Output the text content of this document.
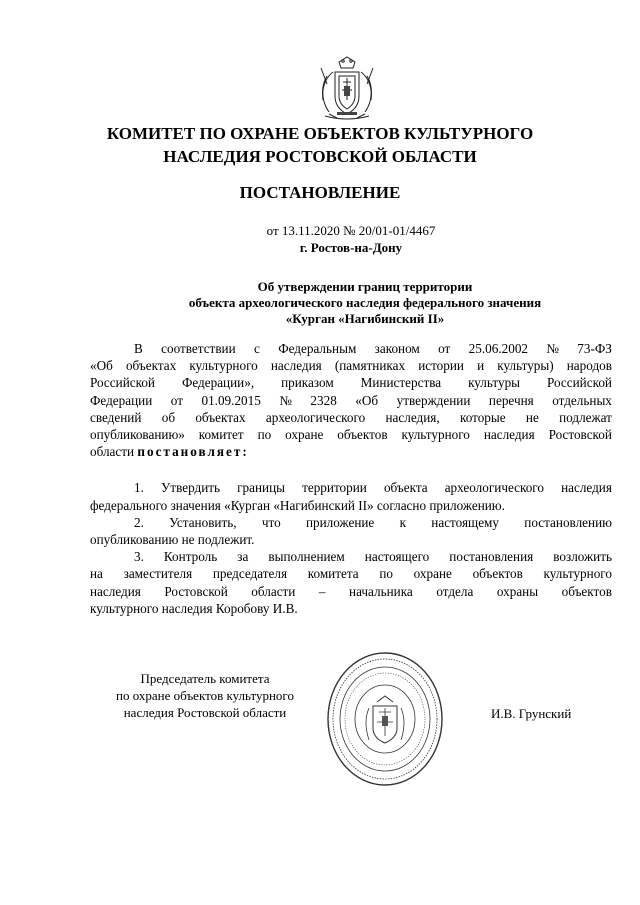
КОМИТЕТ ПО ОХРАНЕ ОБЪЕКТОВ КУЛЬТУРНОГО
НАСЛЕДИЯ РОСТОВСКОЙ ОБЛАСТИ
ПОСТАНОВЛЕНИЕ
от 13.11.2020 № 20/01-01/4467
г. Ростов-на-Дону
Об утверждении границ территории
объекта археологического наследия федерального значения
«Курган «Нагибинский II»
В соответствии с Федеральным законом от 25.06.2002 № 73-ФЗ
«Об объектах культурного наследия (памятниках истории и культуры) народов
Российской Федерации», приказом Министерства культуры Российской
Федерации от 01.09.2015 № 2328 «Об утверждении перечня отдельных
сведений об объектах археологического наследия, которые не подлежат
опубликованию» комитет по охране объектов культурного наследия Ростовской
области
постановляет:
1. Утвердить границы территории объекта археологического наследия
федерального значения «Курган «Нагибинский II» согласно приложению.
2. Установить, что приложение к настоящему постановлению
опубликованию не подлежит.
3. Контроль за выполнением настоящего постановления возложить
на заместителя председателя комитета по охране объектов культурного
наследия Ростовской области – начальника отдела охраны объектов
культурного наследия Коробову И.В.
Председатель комитета
по охране объектов культурного
наследия Ростовской области	И.В. Грунский
